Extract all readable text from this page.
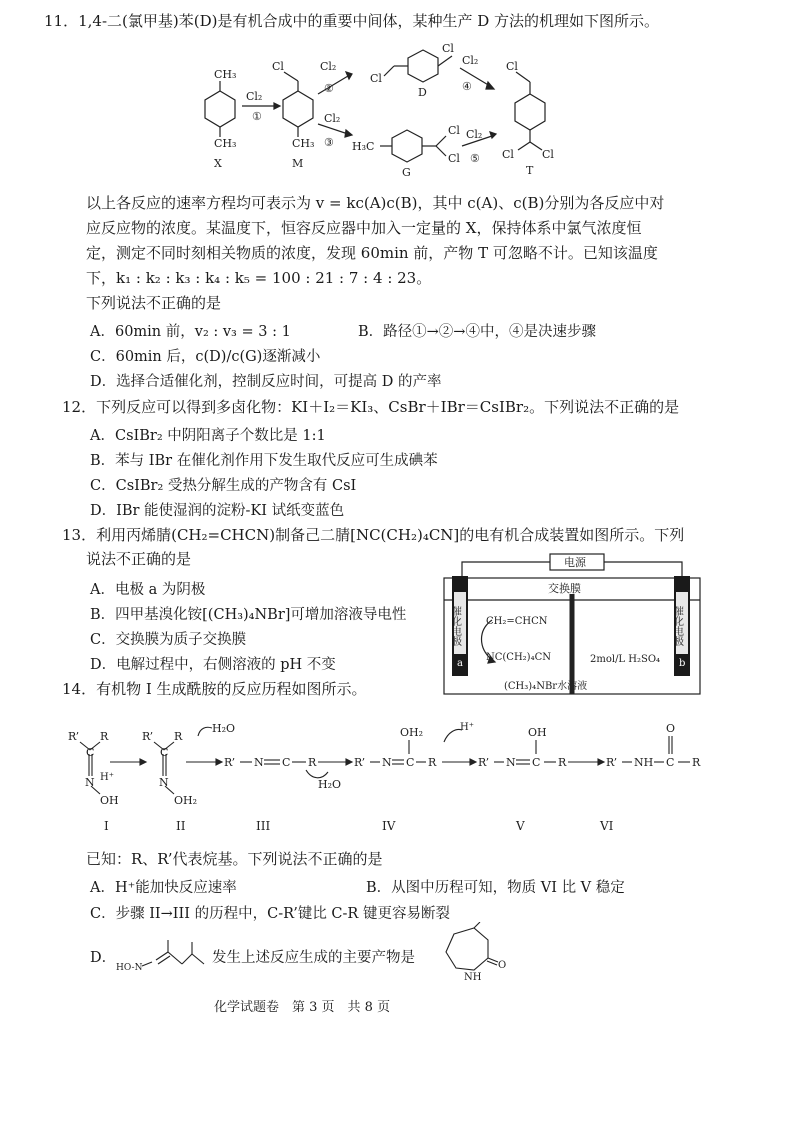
11．1,4-二(氯甲基)苯(D)是有机合成中的重要中间体，某种生产 D 方法的机理如下图所示。
CH₃
CH₃
X
Cl₂
①
Cl
CH₃
M
Cl₂
②
Cl₂
③
Cl
Cl
D
Cl₂
④
H₃C
Cl
Cl
G
Cl₂
⑤
Cl
Cl	Cl
T
以上各反应的速率方程均可表示为 v = kc(A)c(B)，其中 c(A)、c(B)分别为各反应中对
应反应物的浓度。某温度下，恒容反应器中加入一定量的 X，保持体系中氯气浓度恒
定，测定不同时刻相关物质的浓度，发现 60min 前，产物 T 可忽略不计。已知该温度
下，k₁ : k₂ : k₃ : k₄ : k₅ = 100 : 21 : 7 : 4 : 23。
下列说法不正确的是
A．60min 前，v₂ : v₃ = 3 : 1	B．路径①→②→④中，④是决速步骤
C．60min 后，c(D)/c(G)逐渐减小
D．选择合适催化剂，控制反应时间，可提高 D 的产率
12．下列反应可以得到多卤化物：KI＋I₂＝KI₃、CsBr＋IBr＝CsIBr₂。下列说法不正确的是
A．CsIBr₂ 中阴阳离子个数比是 1:1
B．苯与 IBr 在催化剂作用下发生取代反应可生成碘苯
C．CsIBr₂ 受热分解生成的产物含有 CsI
D．IBr 能使湿润的淀粉-KI 试纸变蓝色
13．利用丙烯腈(CH₂=CHCN)制备己二腈[NC(CH₂)₄CN]的电有机合成装置如图所示。下列
说法不正确的是
A．电极 a 为阴极
B．四甲基溴化铵[(CH₃)₄NBr]可增加溶液导电性
C．交换膜为质子交换膜
D．电解过程中，右侧溶液的 pH 不变
电源
交换膜
催化电极
a
催化电极
b
CH₂=CHCN
NC(CH₂)₄CN	2mol/L H₂SO₄
(CH₃)₄NBr水溶液
14．有机物 I 生成酰胺的反应历程如图所示。
R’ R
C
N H⁺
OH
R’ R
C
N
OH₂
H₂O
R’ N C R
H₂O
R’ N C
OH₂
R
H⁺
R’ N C
OH
R	R’ NH C
O
R
I	II	III	IV	V	VI
已知：R、R’代表烷基。下列说法不正确的是
A．H⁺能加快反应速率	B．从图中历程可知，物质 VI 比 V 稳定
C．步骤 II→III 的历程中，C-R’键比 C-R 键更容易断裂
D．
HO-N
发生上述反应生成的主要产物是
NH
O
化学试题卷　第 3 页　共 8 页
